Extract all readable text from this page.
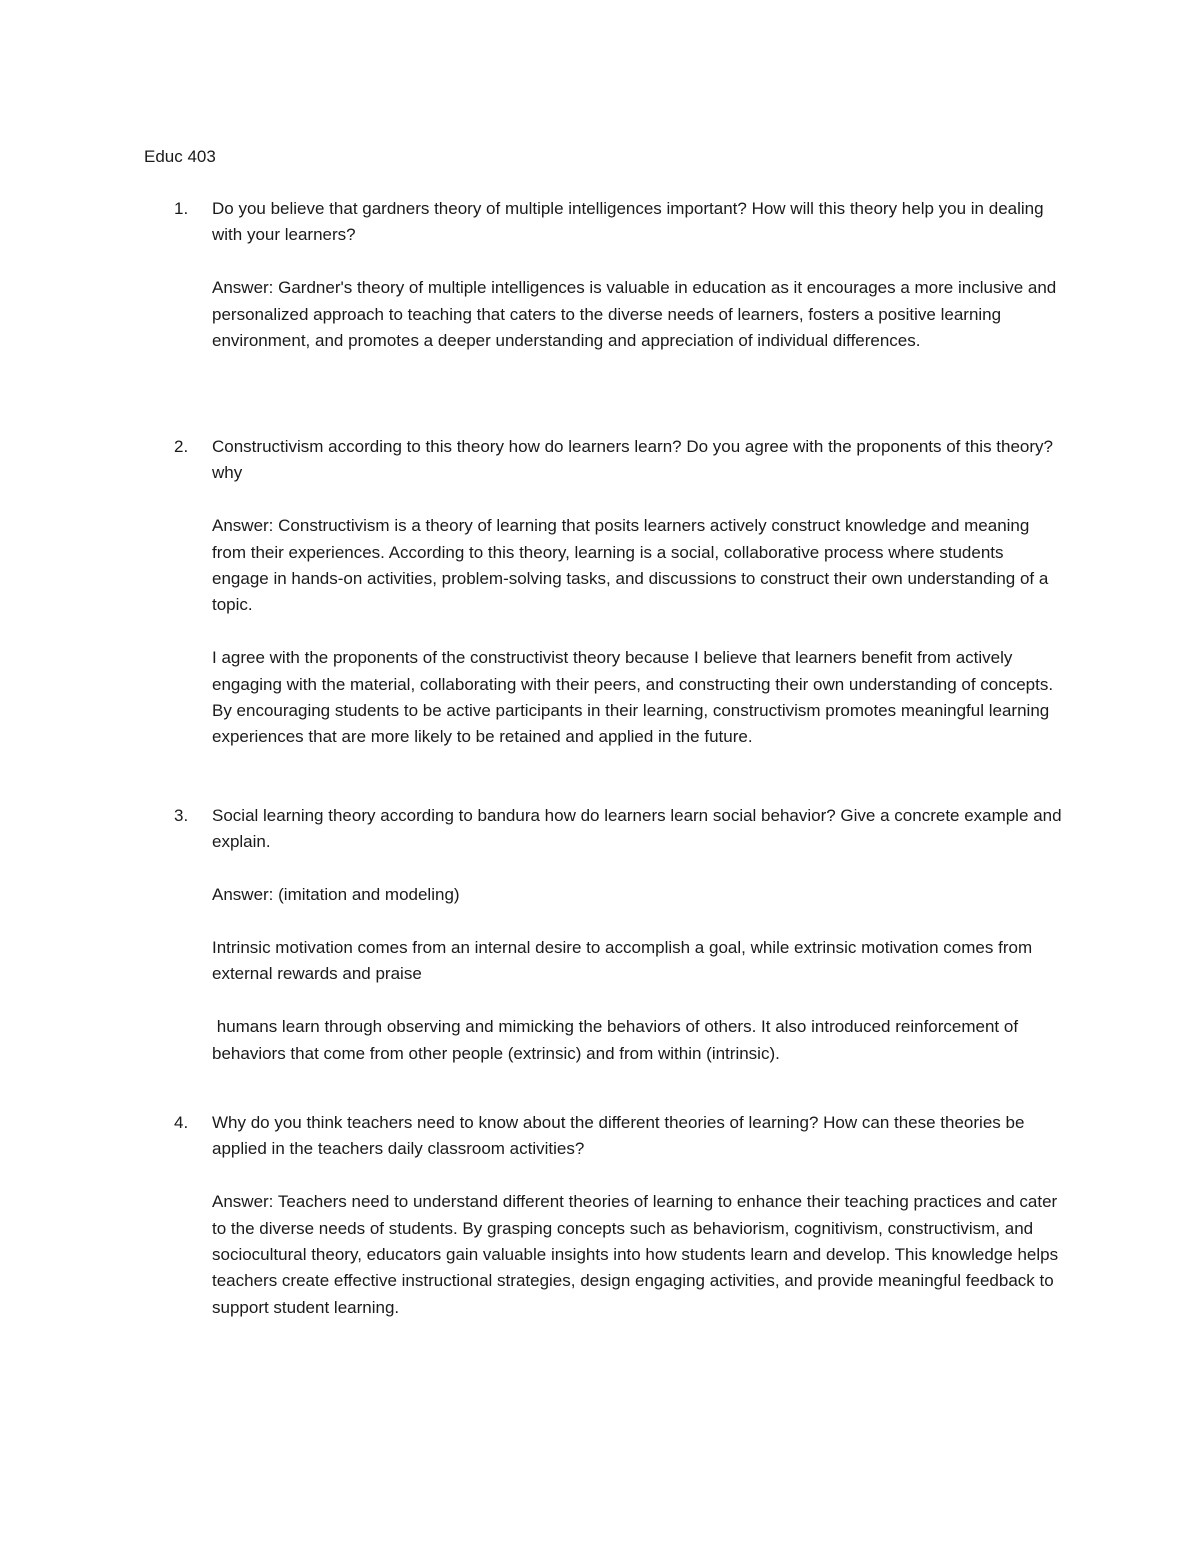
Educ 403
1. Do you believe that gardners theory of multiple intelligences important? How will this theory help you in dealing with your learners?

Answer: Gardner's theory of multiple intelligences is valuable in education as it encourages a more inclusive and personalized approach to teaching that caters to the diverse needs of learners, fosters a positive learning environment, and promotes a deeper understanding and appreciation of individual differences.

2. Constructivism according to this theory how do learners learn? Do you agree with the proponents of this theory? why

Answer: Constructivism is a theory of learning that posits learners actively construct knowledge and meaning from their experiences. According to this theory, learning is a social, collaborative process where students engage in hands-on activities, problem-solving tasks, and discussions to construct their own understanding of a topic.

I agree with the proponents of the constructivist theory because I believe that learners benefit from actively engaging with the material, collaborating with their peers, and constructing their own understanding of concepts. By encouraging students to be active participants in their learning, constructivism promotes meaningful learning experiences that are more likely to be retained and applied in the future.

3. Social learning theory according to bandura how do learners learn social behavior? Give a concrete example and explain.

Answer: (imitation and modeling)

Intrinsic motivation comes from an internal desire to accomplish a goal, while extrinsic motivation comes from external rewards and praise

humans learn through observing and mimicking the behaviors of others. It also introduced reinforcement of behaviors that come from other people (extrinsic) and from within (intrinsic).

4. Why do you think teachers need to know about the different theories of learning? How can these theories be applied in the teachers daily classroom activities?

Answer: Teachers need to understand different theories of learning to enhance their teaching practices and cater to the diverse needs of students. By grasping concepts such as behaviorism, cognitivism, constructivism, and sociocultural theory, educators gain valuable insights into how students learn and develop. This knowledge helps teachers create effective instructional strategies, design engaging activities, and provide meaningful feedback to support student learning.
